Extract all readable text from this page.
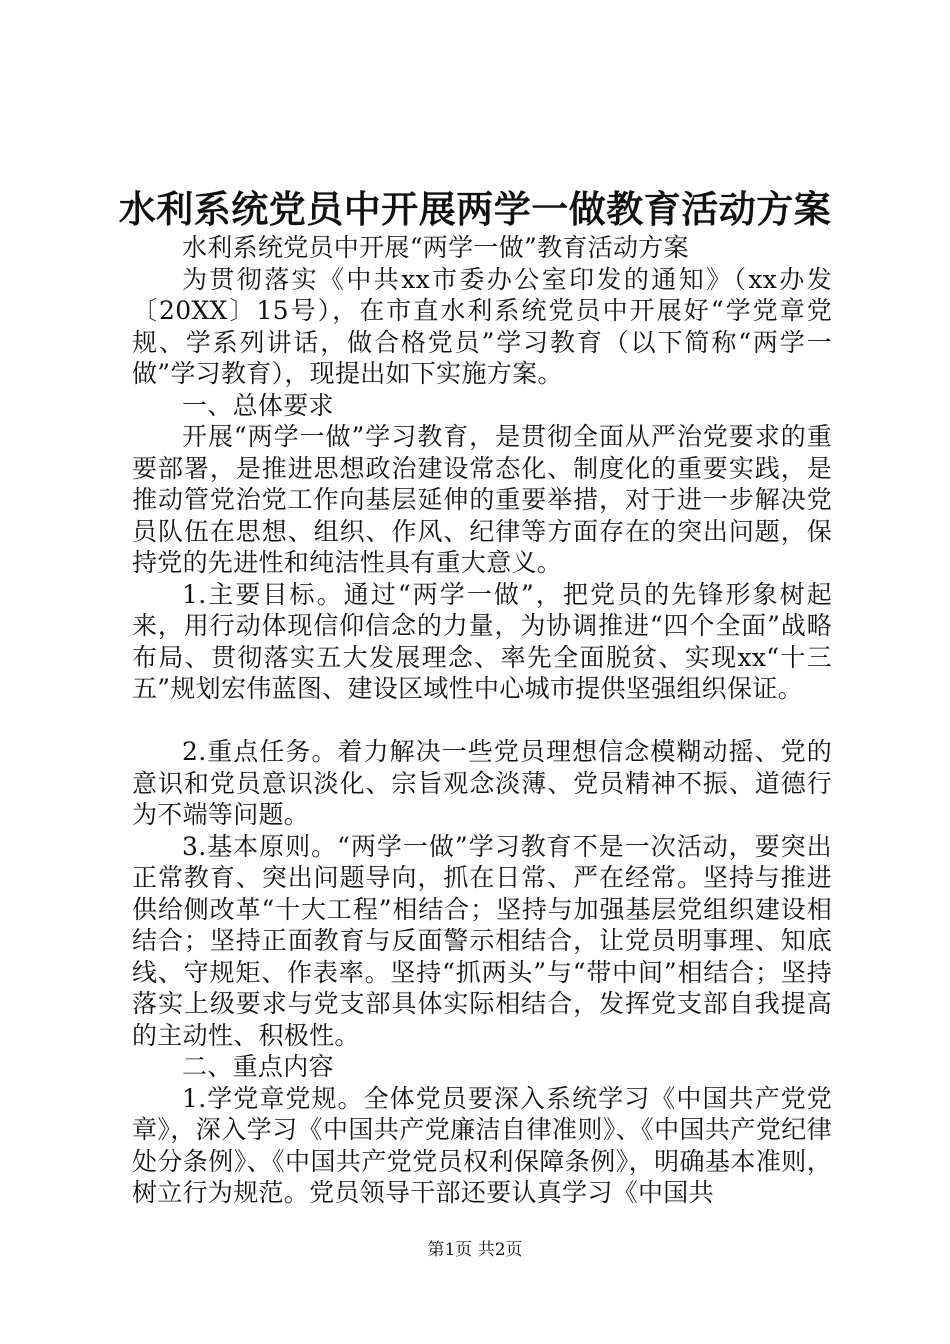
水利系统党员中开展两学一做教育活动方案

水利系统党员中开展“两学一做”教育活动方案

为贯彻落实《中共xx市委办公室印发的通知》（xx办发〔20XX〕15号），在市直水利系统党员中开展好“学党章党规、学系列讲话，做合格党员”学习教育（以下简称“两学一做”学习教育），现提出如下实施方案。

一、总体要求

开展“两学一做”学习教育，是贯彻全面从严治党要求的重要部署，是推进思想政治建设常态化、制度化的重要实践，是推动管党治党工作向基层延伸的重要举措，对于进一步解决党员队伍在思想、组织、作风、纪律等方面存在的突出问题，保持党的先进性和纯洁性具有重大意义。

1.主要目标。通过“两学一做”，把党员的先锋形象树起来，用行动体现信仰信念的力量，为协调推进“四个全面”战略布局、贯彻落实五大发展理念、率先全面脱贫、实现xx“十三五”规划宏伟蓝图、建设区域性中心城市提供坚强组织保证。

2.重点任务。着力解决一些党员理想信念模糊动摇、党的意识和党员意识淡化、宗旨观念淡薄、党员精神不振、道德行为不端等问题。

3.基本原则。“两学一做”学习教育不是一次活动，要突出正常教育、突出问题导向，抓在日常、严在经常。坚持与推进供给侧改革“十大工程”相结合；坚持与加强基层党组织建设相结合；坚持正面教育与反面警示相结合，让党员明事理、知底线、守规矩、作表率。坚持“抓两头”与“带中间”相结合；坚持落实上级要求与党支部具体实际相结合，发挥党支部自我提高的主动性、积极性。

二、重点内容

1.学党章党规。全体党员要深入系统学习《中国共产党党章》，深入学习《中国共产党廉洁自律准则》、《中国共产党纪律处分条例》、《中国共产党党员权利保障条例》，明确基本准则，树立行为规范。党员领导干部还要认真学习《中国共

第1页 共2页
